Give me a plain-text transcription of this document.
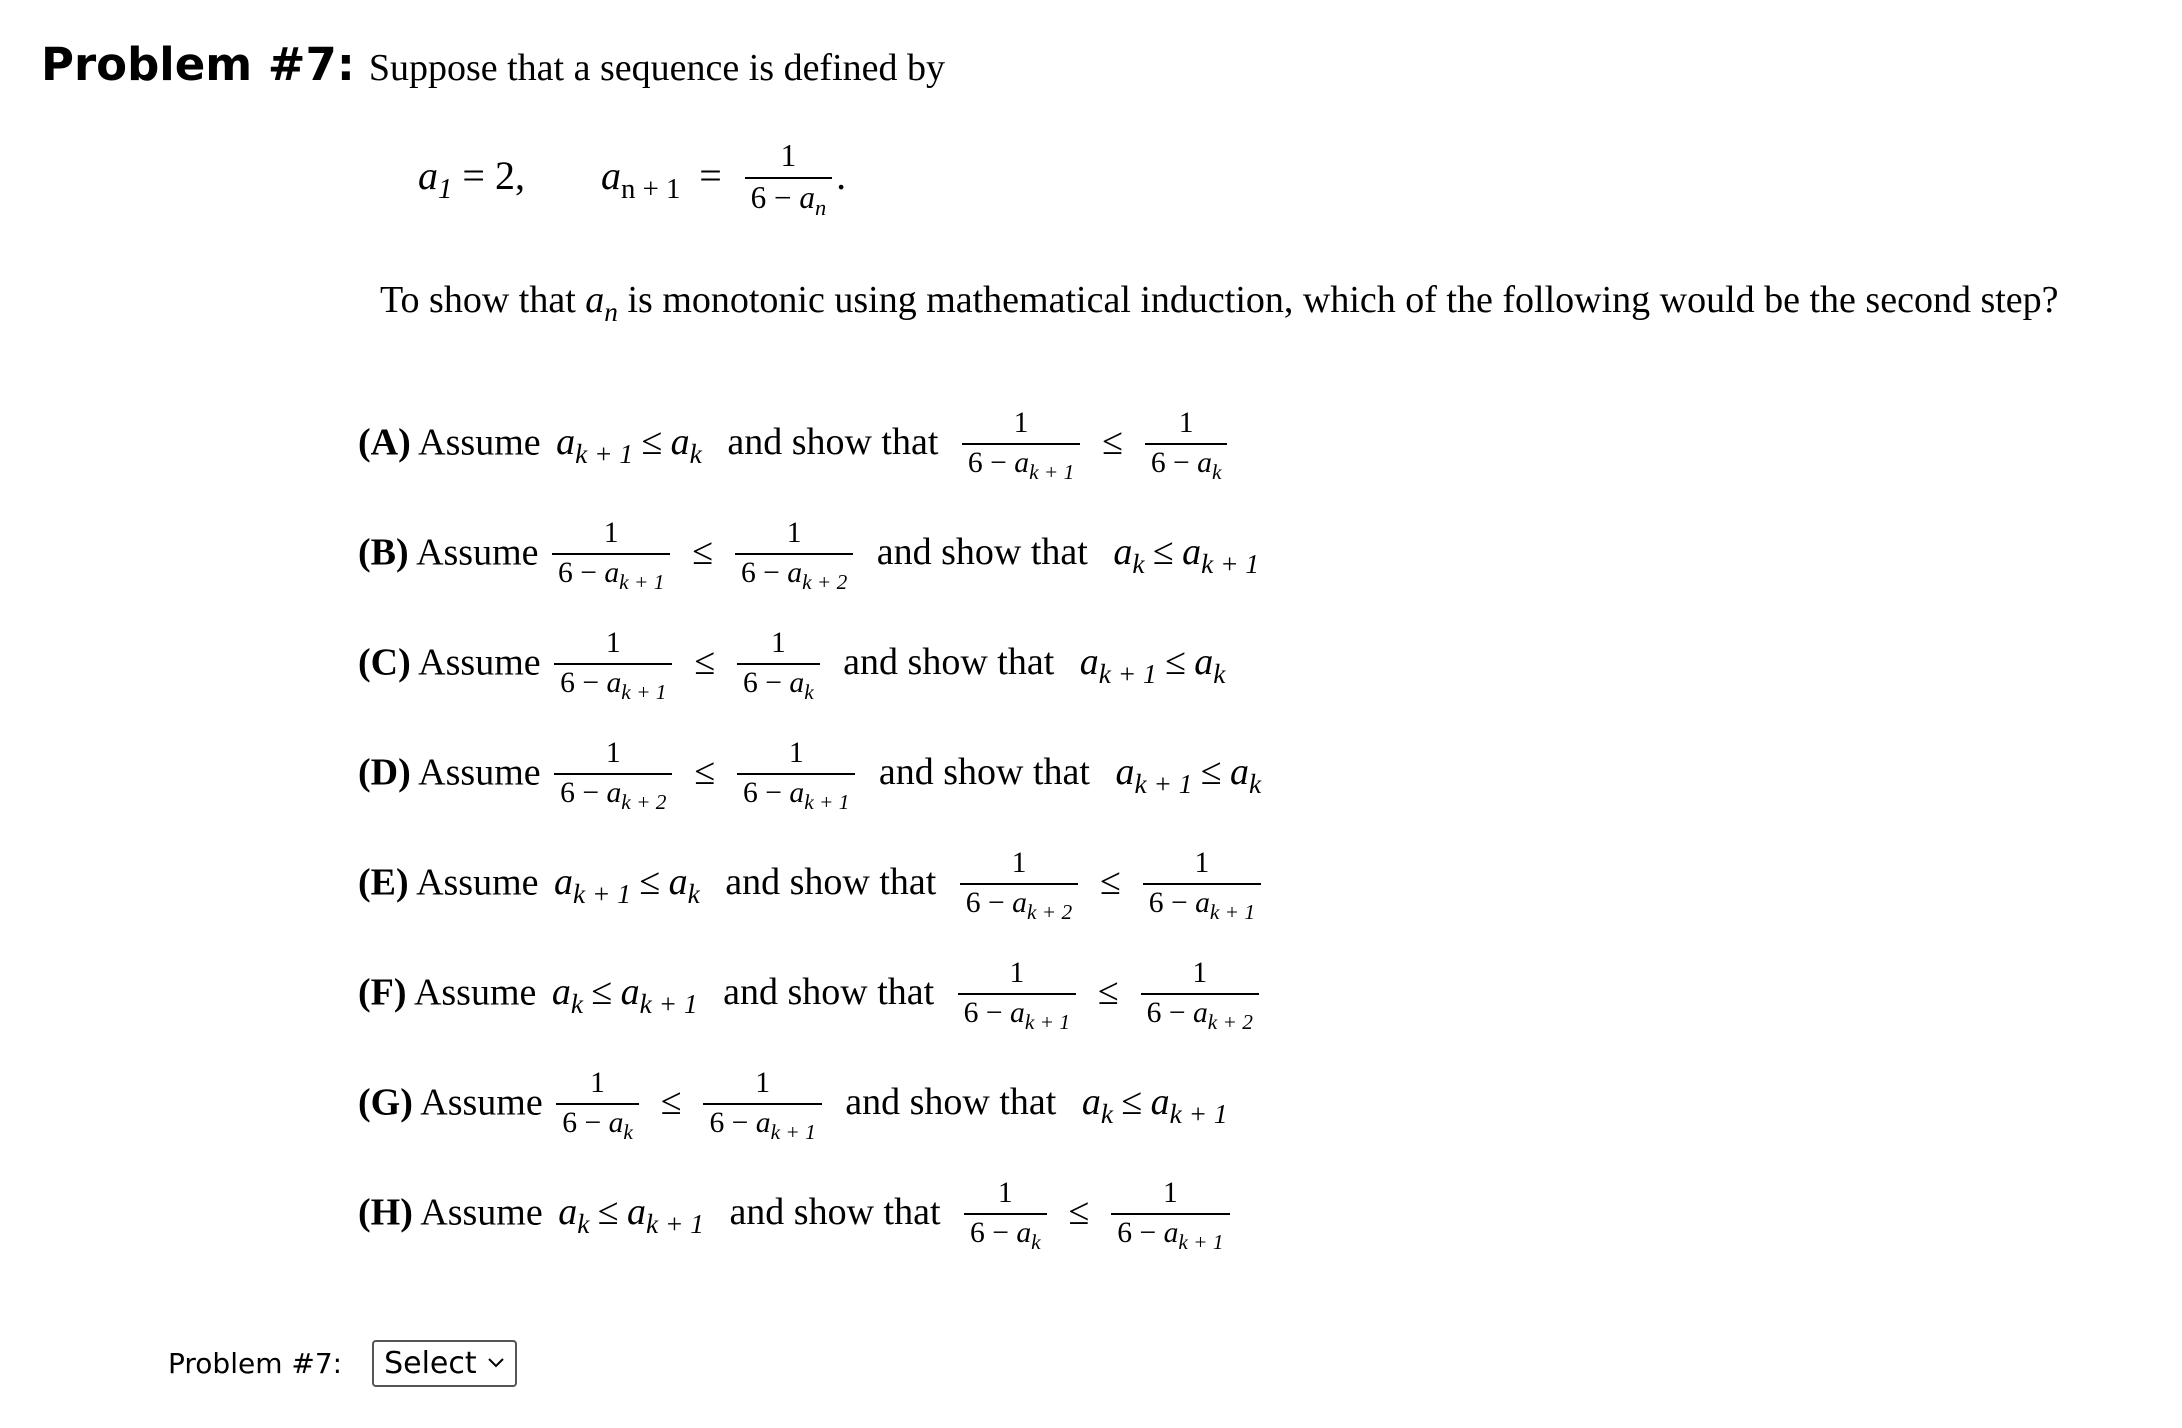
Problem #7: Suppose that a sequence is defined by
$a_1 = 2$, $a_{n + 1} = \frac{1}{6 - a_n}$ .
To show that $a_n$ is monotonic using mathematical induction, which of the following would be the second step?
(A) Assume $a_{k + 1} \le a_k$ and show that $\frac{1}{6 - a_{k + 1}} \le \frac{1}{6 - a_k}$
(B) Assume $\frac{1}{6 - a_{k + 1}} \le \frac{1}{6 - a_{k + 2}}$ and show that $a_k \le a_{k + 1}$
(C) Assume $\frac{1}{6 - a_{k + 1}} \le \frac{1}{6 - a_k}$ and show that $a_{k + 1} \le a_k$
(D) Assume $\frac{1}{6 - a_{k + 2}} \le \frac{1}{6 - a_{k + 1}}$ and show that $a_{k + 1} \le a_k$
(E) Assume $a_{k + 1} \le a_k$ and show that $\frac{1}{6 - a_{k + 2}} \le \frac{1}{6 - a_{k + 1}}$
(F) Assume $a_k \le a_{k + 1}$ and show that $\frac{1}{6 - a_{k + 1}} \le \frac{1}{6 - a_{k + 2}}$
(G) Assume $\frac{1}{6 - a_k} \le \frac{1}{6 - a_{k + 1}}$ and show that $a_k \le a_{k + 1}$
(H) Assume $a_k \le a_{k + 1}$ and show that $\frac{1}{6 - a_k} \le \frac{1}{6 - a_{k + 1}}$
Problem #7: Select
